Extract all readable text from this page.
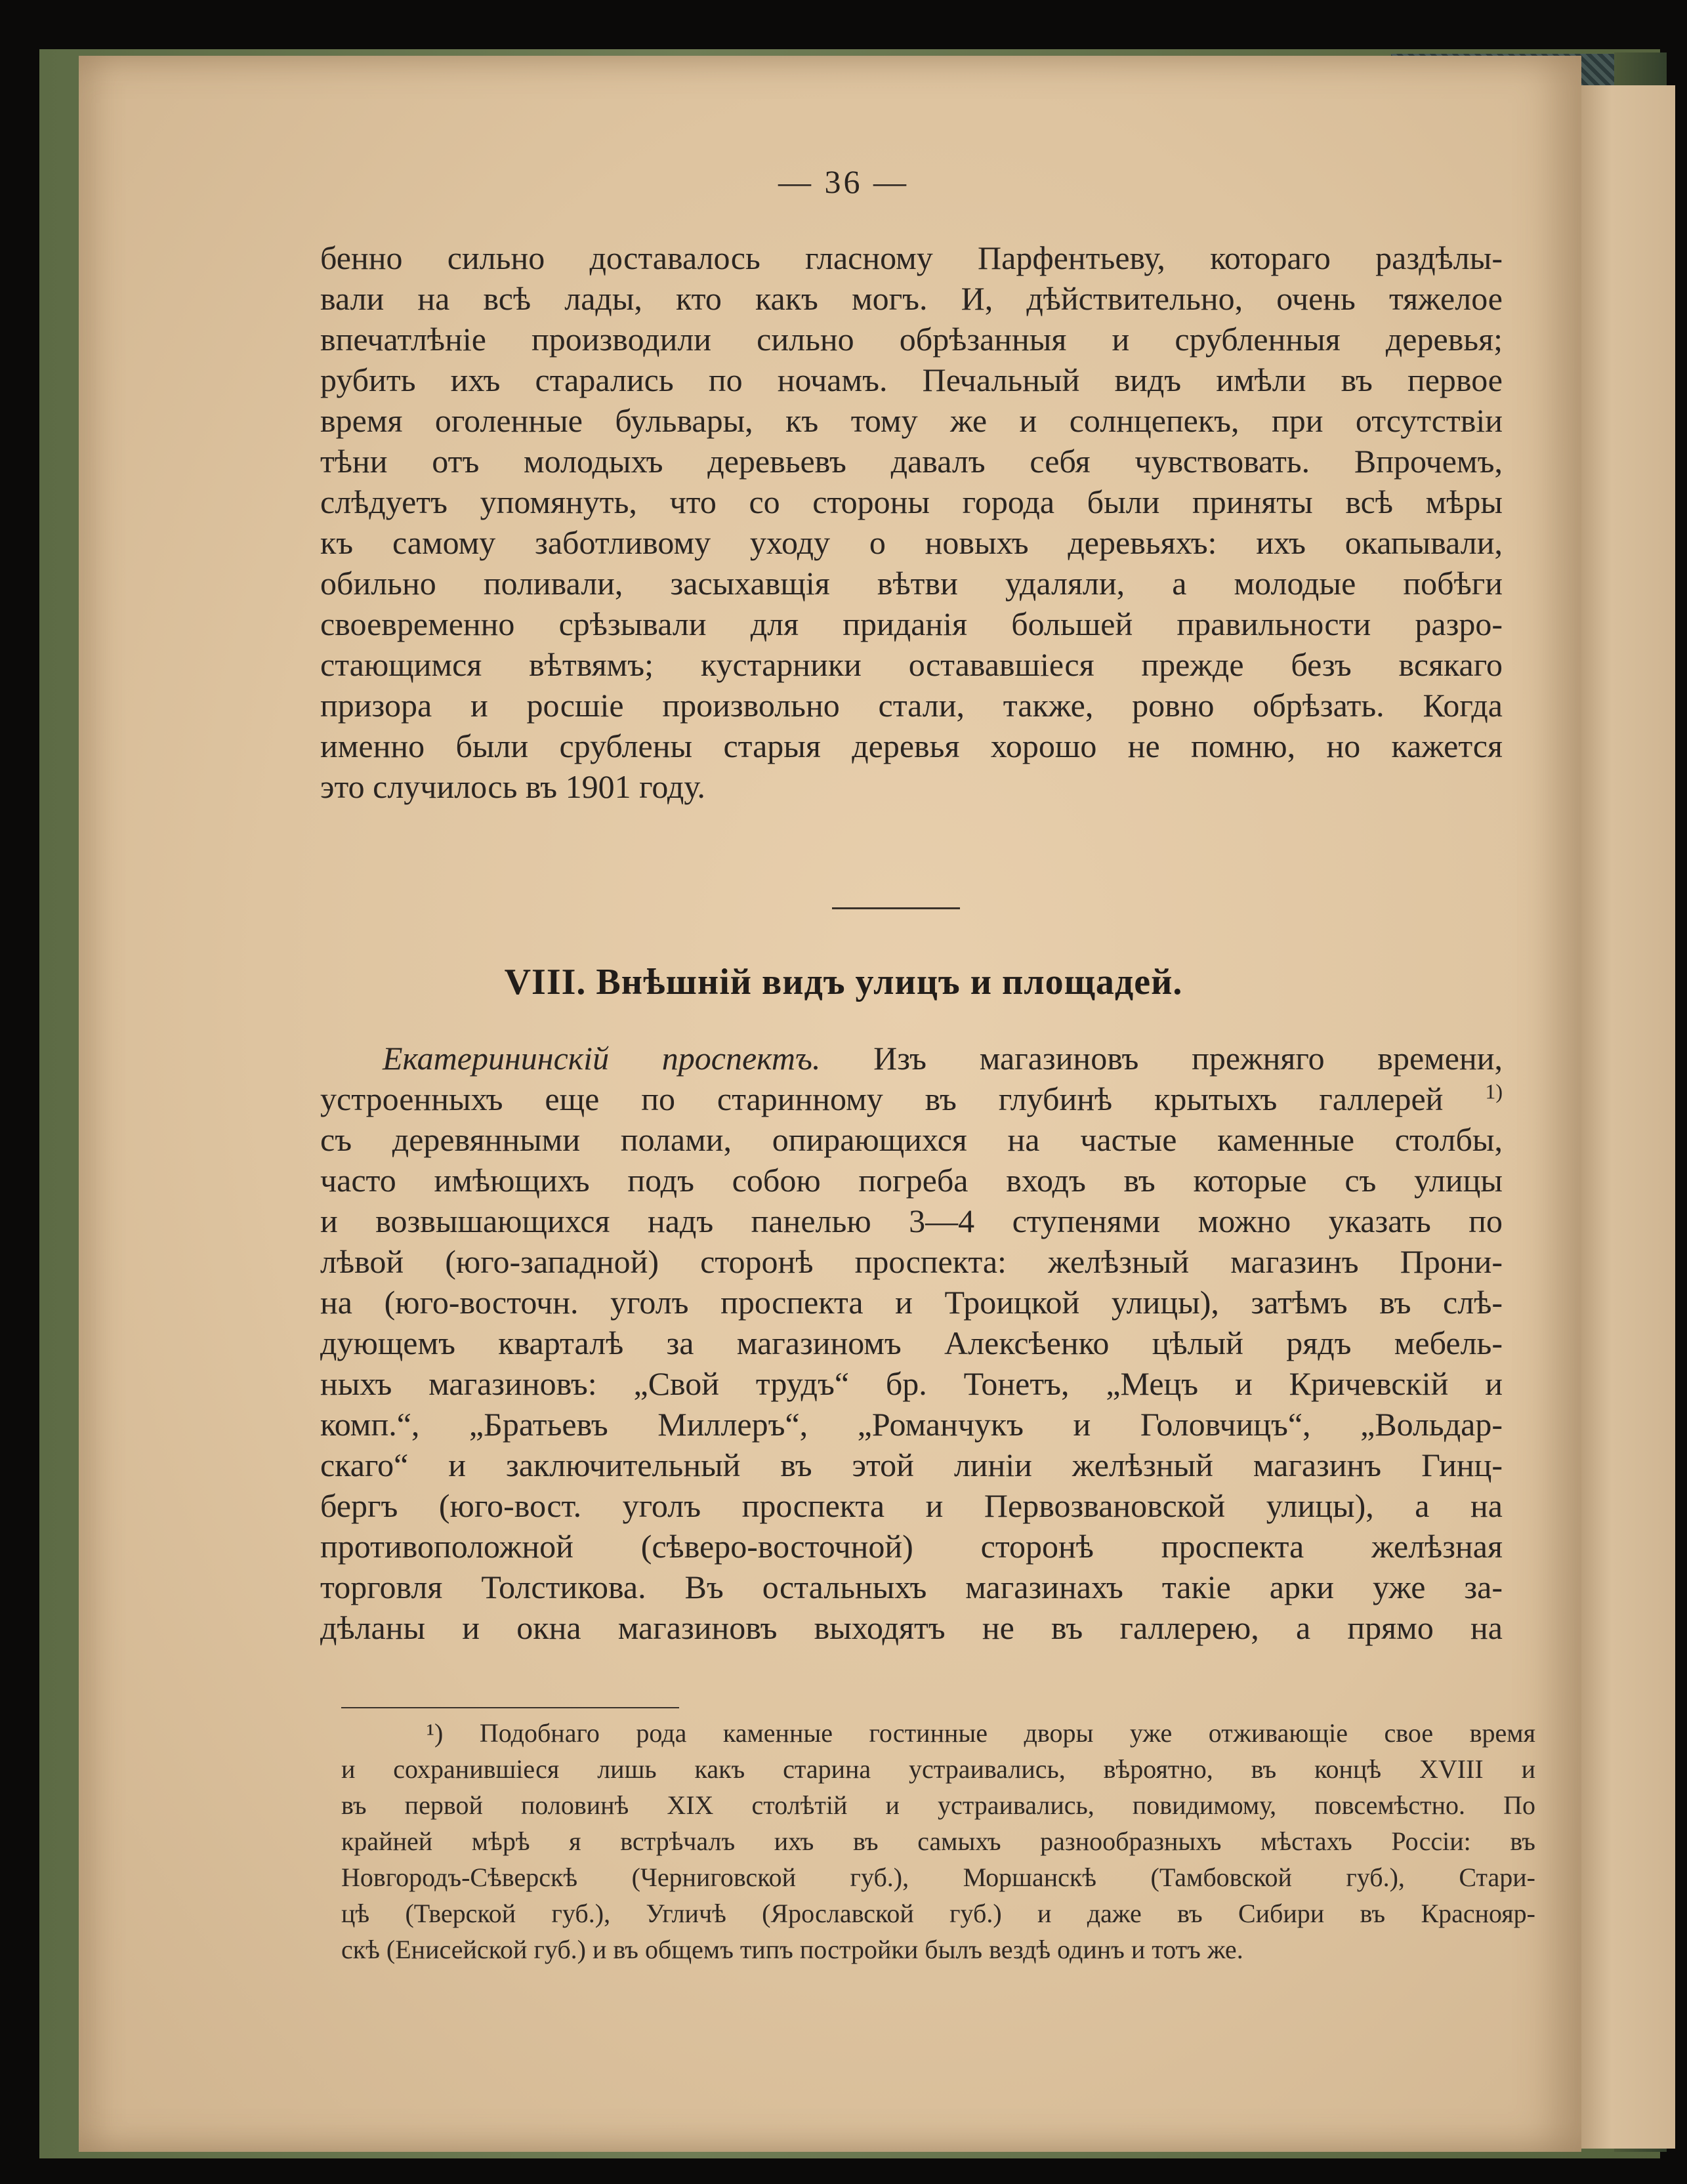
— 36 —
бенно сильно доставалось гласному Парфентьеву, котораго раздѣлы-
вали на всѣ лады, кто какъ могъ. И, дѣйствительно, очень тяжелое
впечатлѣніе производили сильно обрѣзанныя и срубленныя деревья;
рубить ихъ старались по ночамъ. Печальный видъ имѣли въ первое
время оголенные бульвары, къ тому же и солнцепекъ, при отсутствіи
тѣни отъ молодыхъ деревьевъ давалъ себя чувствовать. Впрочемъ,
слѣдуетъ упомянуть, что со стороны города были приняты всѣ мѣры
къ самому заботливому уходу о новыхъ деревьяхъ: ихъ окапывали,
обильно поливали, засыхавщія вѣтви удаляли, а молодые побѣги
своевременно срѣзывали для приданія большей правильности разро-
стающимся вѣтвямъ; кустарники остававшіеся прежде безъ всякаго
призора и росшіе произвольно стали, также, ровно обрѣзать. Когда
именно были срублены старыя деревья хорошо не помню, но кажется
это случилось въ 1901 году.
VIII. Внѣшній видъ улицъ и площадей.
Екатерининскій проспектъ. Изъ магазиновъ прежняго времени,
устроенныхъ еще по старинному въ глубинѣ крытыхъ галлерей $^{1)}$
съ деревянными полами, опирающихся на частые каменные столбы,
часто имѣющихъ подъ собою погреба входъ въ которые съ улицы
и возвышающихся надъ панелью 3—4 ступенями можно указать по
лѣвой (юго-западной) сторонѣ проспекта: желѣзный магазинъ Прони-
на (юго-восточн. уголъ проспекта и Троицкой улицы), затѣмъ въ слѣ-
дующемъ кварталѣ за магазиномъ Алексѣенко цѣлый рядъ мебель-
ныхъ магазиновъ: „Свой трудъ“ бр. Тонетъ, „Мецъ и Кричевскій и
комп.“, „Братьевъ Миллеръ“, „Романчукъ и Головчицъ“, „Вольдар-
скаго“ и заключительный въ этой линіи желѣзный магазинъ Гинц-
бергъ (юго-вост. уголъ проспекта и Первозвановской улицы), а на
противоположной (сѣверо-восточной) сторонѣ проспекта желѣзная
торговля Толстикова. Въ остальныхъ магазинахъ такіе арки уже за-
дѣланы и окна магазиновъ выходятъ не въ галлерею, а прямо на
¹) Подобнаго рода каменные гостинные дворы уже отживающіе свое время
и сохранившіеся лишь какъ старина устраивались, вѣроятно, въ концѣ XVIII и
въ первой половинѣ XIX столѣтій и устраивались, повидимому, повсемѣстно. По
крайней мѣрѣ я встрѣчалъ ихъ въ самыхъ разнообразныхъ мѣстахъ Россіи: въ
Новгородъ-Сѣверскѣ (Черниговской губ.), Моршанскѣ (Тамбовской губ.), Стари-
цѣ (Тверской губ.), Угличѣ (Ярославской губ.) и даже въ Сибири въ Краснояр-
скѣ (Енисейской губ.) и въ общемъ типъ постройки былъ вездѣ одинъ и тотъ же.
